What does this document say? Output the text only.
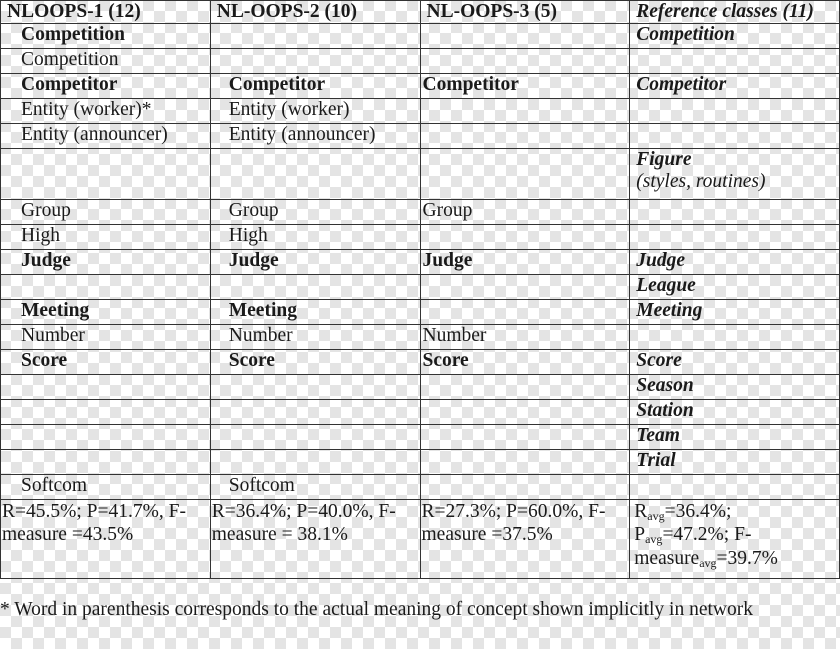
NLOOPS-1 (12)	NL-OOPS-2 (10)	NL-OOPS-3 (5)	Reference classes (11)
Competition			Competition
Competition			
Competitor	Competitor	Competitor	Competitor
Entity (worker)*	Entity (worker)		
Entity (announcer)	Entity (announcer)		
			Figure
(styles, routines)

Group	Group	Group	
High	High		
Judge	Judge	Judge	Judge
			League
Meeting	Meeting		Meeting
Number	Number	Number	
Score	Score	Score	Score
			Season
			Station
			Team
			Trial
Softcom	Softcom		
R=45.5%; P=41.7%, F-measure =43.5%	R=36.4%; P=40.0%, F-measure = 38.1%	R=27.3%; P=60.0%, F-measure =37.5%	Ravg=36.4%;
Pavg=47.2%; F-
measureavg=39.7%
* Word in parenthesis corresponds to the actual meaning of concept shown implicitly in network
